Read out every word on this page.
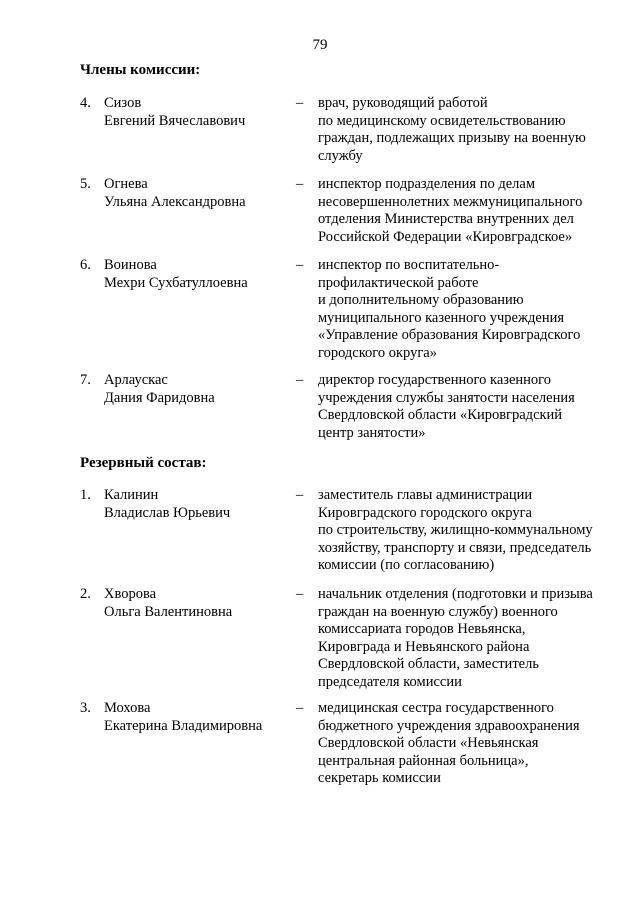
79
Члены комиссии:
4. Сизов
Евгений Вячеславович
– врач, руководящий работой
по медицинскому освидетельствованию
граждан, подлежащих призыву на военную
службу
5. Огнева
Ульяна Александровна
– инспектор подразделения по делам
несовершеннолетних межмуниципального
отделения Министерства внутренних дел
Российской Федерации «Кировградское»
6. Воинова
Мехри Сухбатуллоевна
– инспектор по воспитательно-
профилактической работе
и дополнительному образованию
муниципального казенного учреждения
«Управление образования Кировградского
городского округа»
7. Арлаускас
Дания Фаридовна
– директор государственного казенного
учреждения службы занятости населения
Свердловской области «Кировградский
центр занятости»
Резервный состав:
1. Калинин
Владислав Юрьевич
– заместитель главы администрации
Кировградского городского округа
по строительству, жилищно-коммунальному
хозяйству, транспорту и связи, председатель
комиссии (по согласованию)
2. Хворова
Ольга Валентиновна
– начальник отделения (подготовки и призыва
граждан на военную службу) военного
комиссариата городов Невьянска,
Кировграда и Невьянского района
Свердловской области, заместитель
председателя комиссии
3. Мохова
Екатерина Владимировна
– медицинская сестра государственного
бюджетного учреждения здравоохранения
Свердловской области «Невьянская
центральная районная больница»,
секретарь комиссии
